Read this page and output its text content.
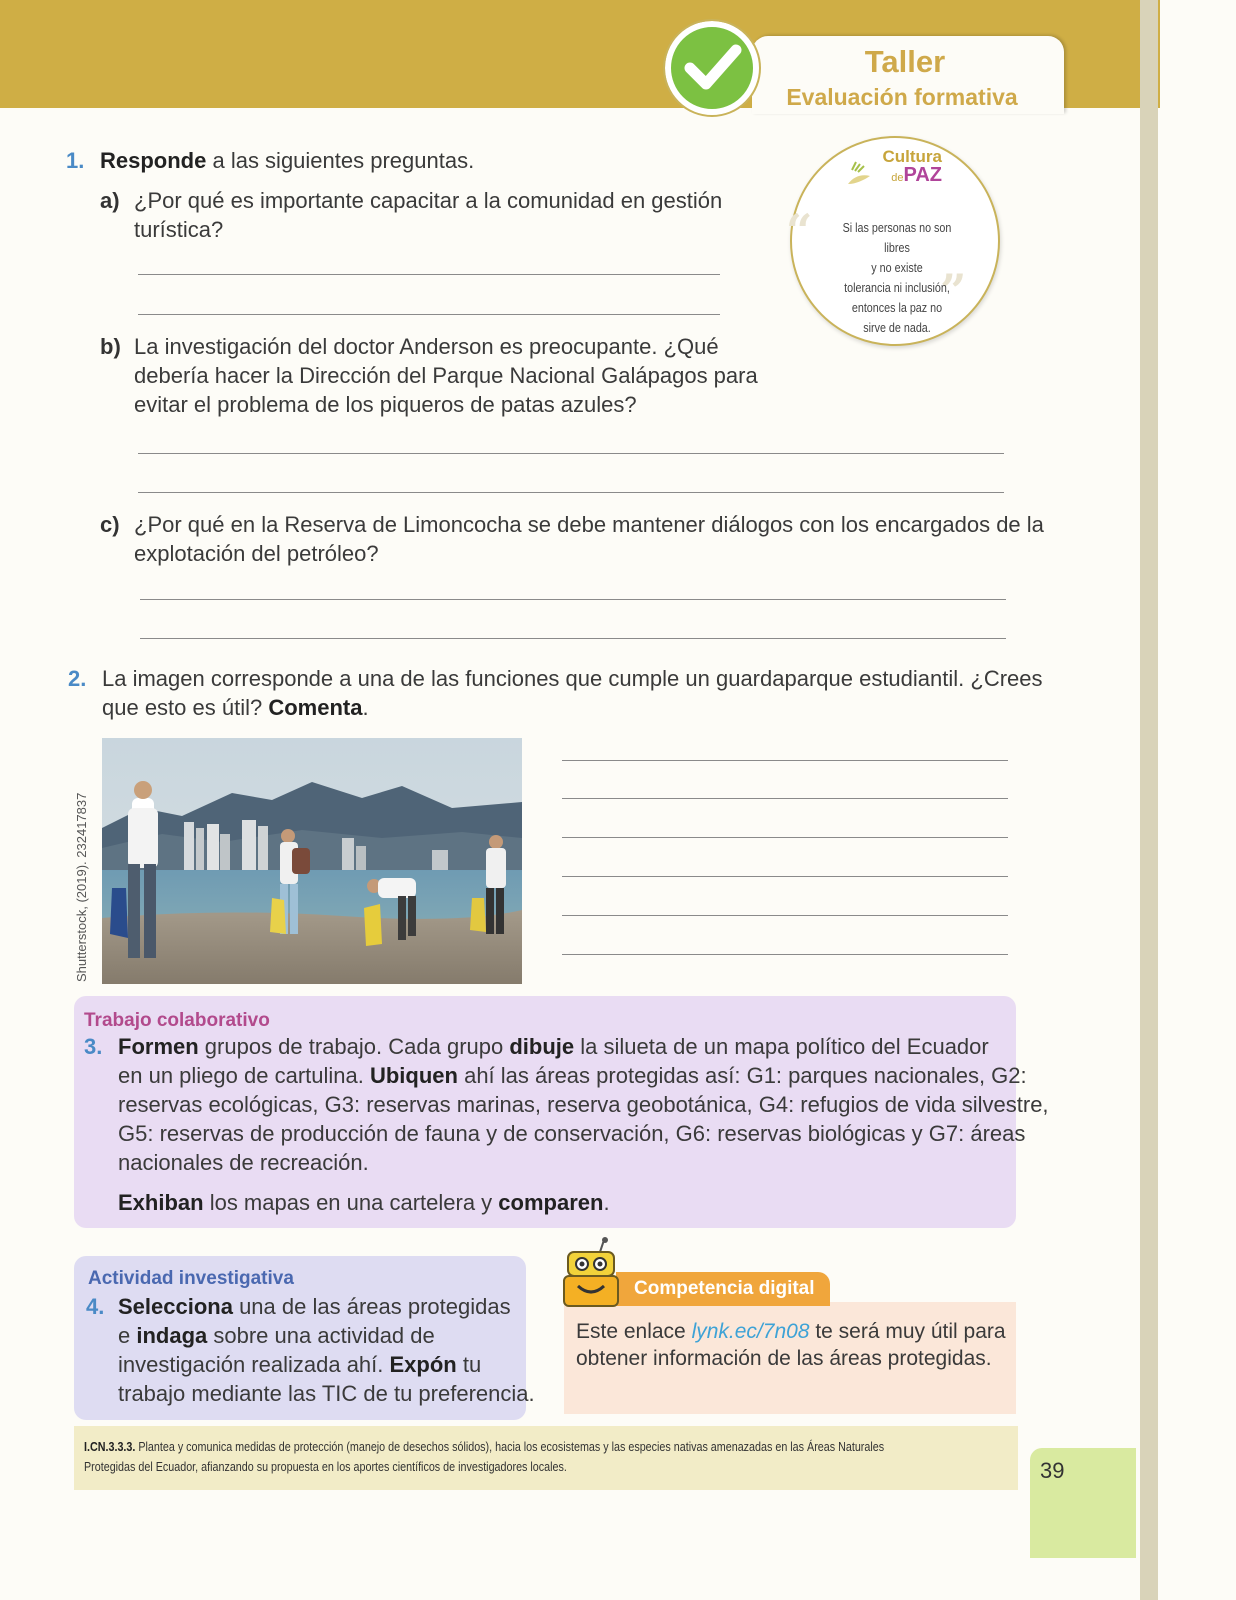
Taller
Evaluación formativa
Cultura
dePAZ
“
”
Si las personas no son libres
y no existe
tolerancia ni inclusión,
entonces la paz no
sirve de nada.
1. Responde a las siguientes preguntas.
a) ¿Por qué es importante capacitar a la comunidad en gestión
turística?
b) La investigación del doctor Anderson es preocupante. ¿Qué
debería hacer la Dirección del Parque Nacional Galápagos para
evitar el problema de los piqueros de patas azules?
c) ¿Por qué en la Reserva de Limoncocha se debe mantener diálogos con los encargados de la
explotación del petróleo?
2. La imagen corresponde a una de las funciones que cumple un guardaparque estudiantil. ¿Crees
que esto es útil? Comenta.
Shutterstock, (2019). 232417837
Trabajo colaborativo
3. Formen grupos de trabajo. Cada grupo dibuje la silueta de un mapa político del Ecuador
en un pliego de cartulina. Ubiquen ahí las áreas protegidas así: G1: parques nacionales, G2:
reservas ecológicas, G3: reservas marinas, reserva geobotánica, G4: refugios de vida silvestre,
G5: reservas de producción de fauna y de conservación, G6: reservas biológicas y G7: áreas
nacionales de recreación.
Exhiban los mapas en una cartelera y comparen.
Actividad investigativa
4. Selecciona una de las áreas protegidas
e indaga sobre una actividad de
investigación realizada ahí. Expón tu
trabajo mediante las TIC de tu preferencia.
Competencia digital
Este enlace lynk.ec/7n08 te será muy útil para
obtener información de las áreas protegidas.
I.CN.3.3.3. Plantea y comunica medidas de protección (manejo de desechos sólidos), hacia los ecosistemas y las especies nativas amenazadas en las Áreas Naturales
Protegidas del Ecuador, afianzando su propuesta en los aportes científicos de investigadores locales.	39
